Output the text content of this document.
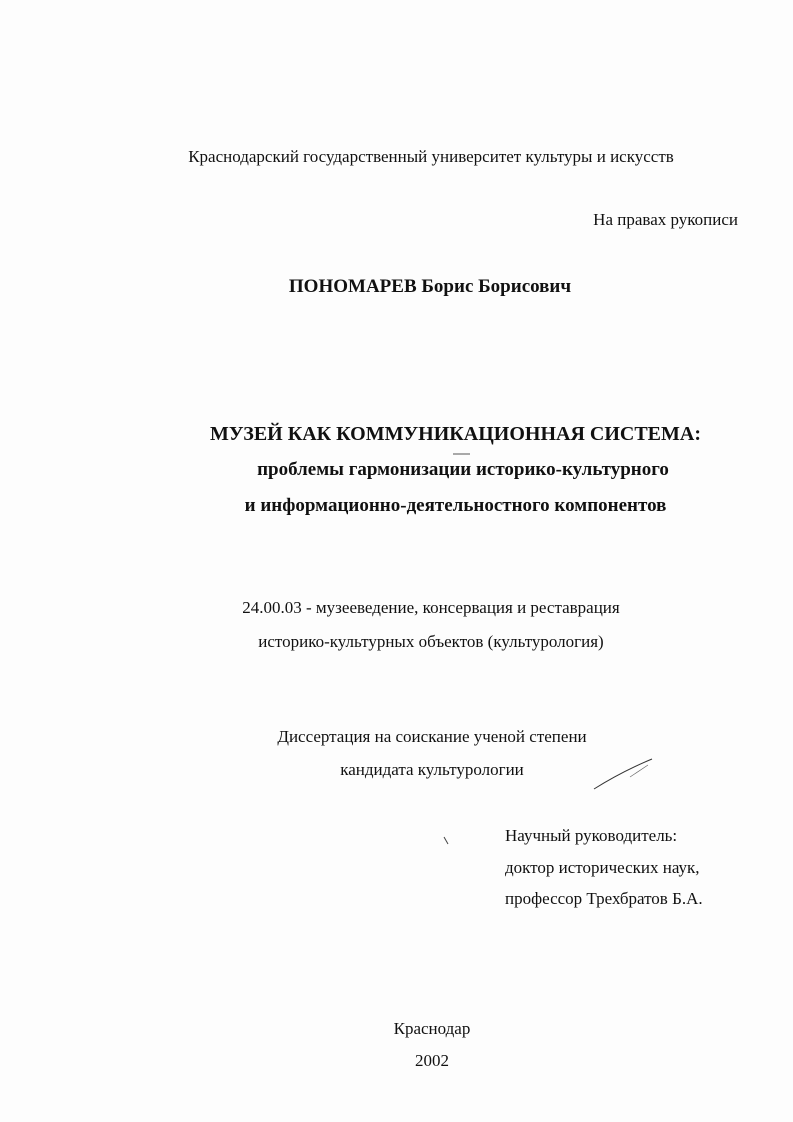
Краснодарский государственный университет культуры и искусств
На правах рукописи
ПОНОМАРЕВ Борис Борисович
МУЗЕЙ КАК КОММУНИКАЦИОННАЯ СИСТЕМА:
проблемы гармонизации историко-культурного
и информационно-деятельностного компонентов
24.00.03 - музееведение, консервация и реставрация
историко-культурных объектов (культурология)
Диссертация на соискание ученой степени
кандидата культурологии
Научный руководитель:
доктор исторических наук,
профессор Трехбратов Б.А.
Краснодар
2002
